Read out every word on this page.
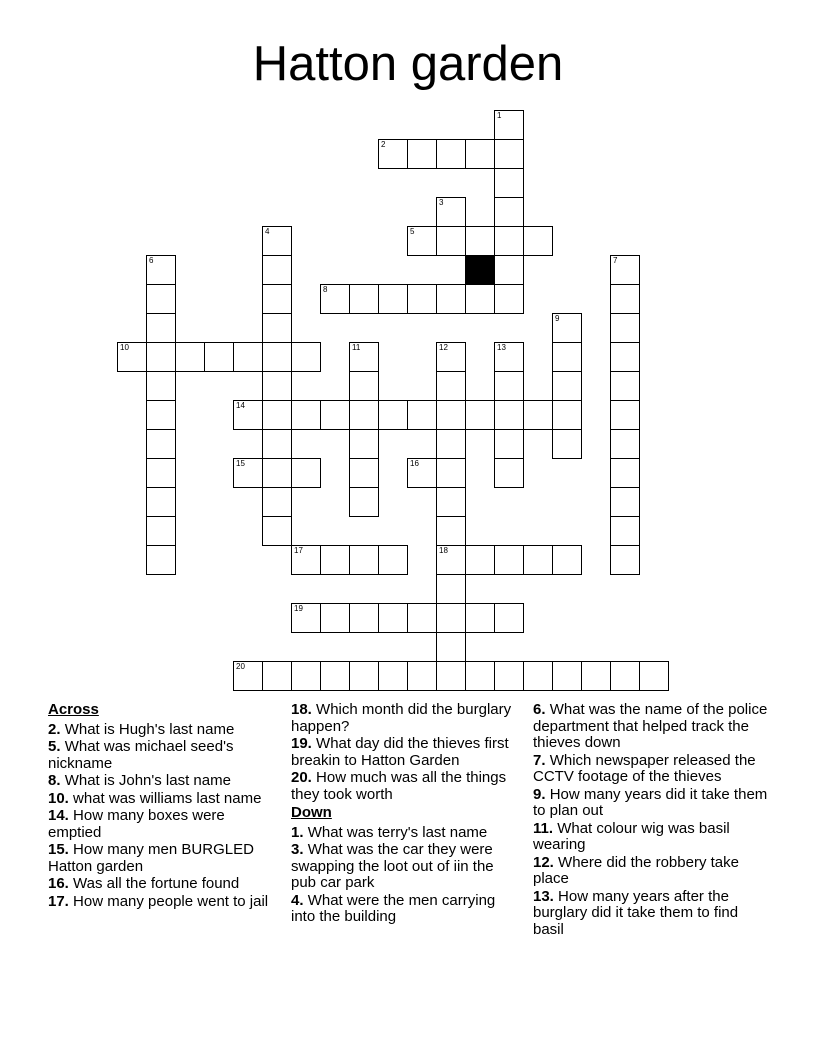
Hatton garden
1
2
3
4	5
6	7
8
9
10	11	12
18
13
14
15	16
17
19
20
Across
2. What is Hugh's last name
5. What was michael seed's nickname
8. What is John's last name
10. what was williams last name
14. How many boxes were emptied
15. How many men BURGLED Hatton garden
16. Was all the fortune found
17. How many people went to jail
18. Which month did the burglary happen?
19. What day did the thieves first breakin to Hatton Garden
20. How much was all the things they took worth
Down
1. What was terry's last name
3. What was the car they were swapping the loot out of iin the pub car park
4. What were the men carrying into the building
6. What was the name of the police department that helped track the thieves down
7. Which newspaper released the CCTV footage of the thieves
9. How many years did it take them to plan out
11. What colour wig was basil wearing
12. Where did the robbery take place
13. How many years after the burglary did it take them to find basil
